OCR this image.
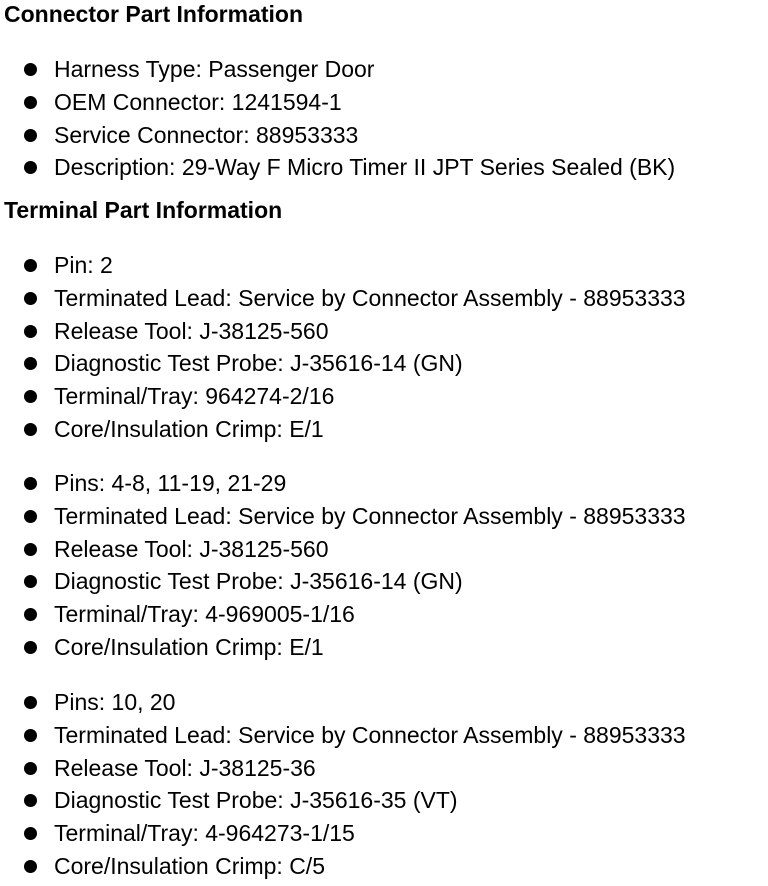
Connector Part Information
Harness Type: Passenger Door
OEM Connector: 1241594-1
Service Connector: 88953333
Description: 29-Way F Micro Timer II JPT Series Sealed (BK)
Terminal Part Information
Pin: 2
Terminated Lead: Service by Connector Assembly - 88953333
Release Tool: J-38125-560
Diagnostic Test Probe: J-35616-14 (GN)
Terminal/Tray: 964274-2/16
Core/Insulation Crimp: E/1
Pins: 4-8, 11-19, 21-29
Terminated Lead: Service by Connector Assembly - 88953333
Release Tool: J-38125-560
Diagnostic Test Probe: J-35616-14 (GN)
Terminal/Tray: 4-969005-1/16
Core/Insulation Crimp: E/1
Pins: 10, 20
Terminated Lead: Service by Connector Assembly - 88953333
Release Tool: J-38125-36
Diagnostic Test Probe: J-35616-35 (VT)
Terminal/Tray: 4-964273-1/15
Core/Insulation Crimp: C/5
